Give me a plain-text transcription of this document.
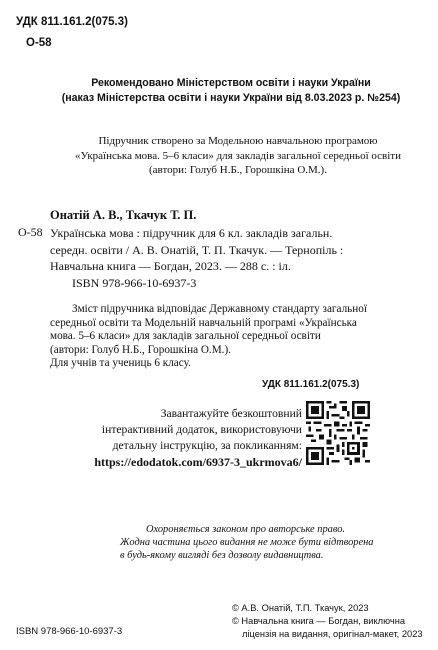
УДК 811.161.2(075.3)
О-58
Рекомендовано Міністерством освіти і науки України
(наказ Міністерства освіти і науки України від 8.03.2023 р. №254)
Підручник створено за Модельною навчальною програмою
«Українська мова. 5–6 класи» для закладів загальної середньої освіти
(автори: Голуб Н.Б., Горошкіна О.М.).
Онатій А. В., Ткачук Т. П.
О-58 Українська мова : підручник для 6 кл. закладів загальн.
середн. освіти / А. В. Онатій, Т. П. Ткачук. — Тернопіль :
Навчальна книга — Богдан, 2023. — 288 с. : іл.
ISBN 978-966-10-6937-3
Зміст підручника відповідає Державному стандарту загальної
середньої освіти та Модельній навчальній програмі «Українська
мова. 5–6 класи» для закладів загальної середньої освіти
(автори: Голуб Н.Б., Горошкіна О.М.).
Для учнів та учениць 6 класу.
УДК 811.161.2(075.3)
Завантажуйте безкоштовний
інтерактивний додаток, використовуючи
детальну інструкцію, за покликанням:
https://edodatok.com/6937-3_ukrmova6/
Охороняється законом про авторське право.
Жодна частина цього видання не може бути відтворена
в будь-якому вигляді без дозволу видавництва.
ISBN 978-966-10-6937-3
© А.В. Онатій, Т.П. Ткачук, 2023
© Навчальна книга — Богдан, виключна
ліцензія на видання, оригінал-макет, 2023
